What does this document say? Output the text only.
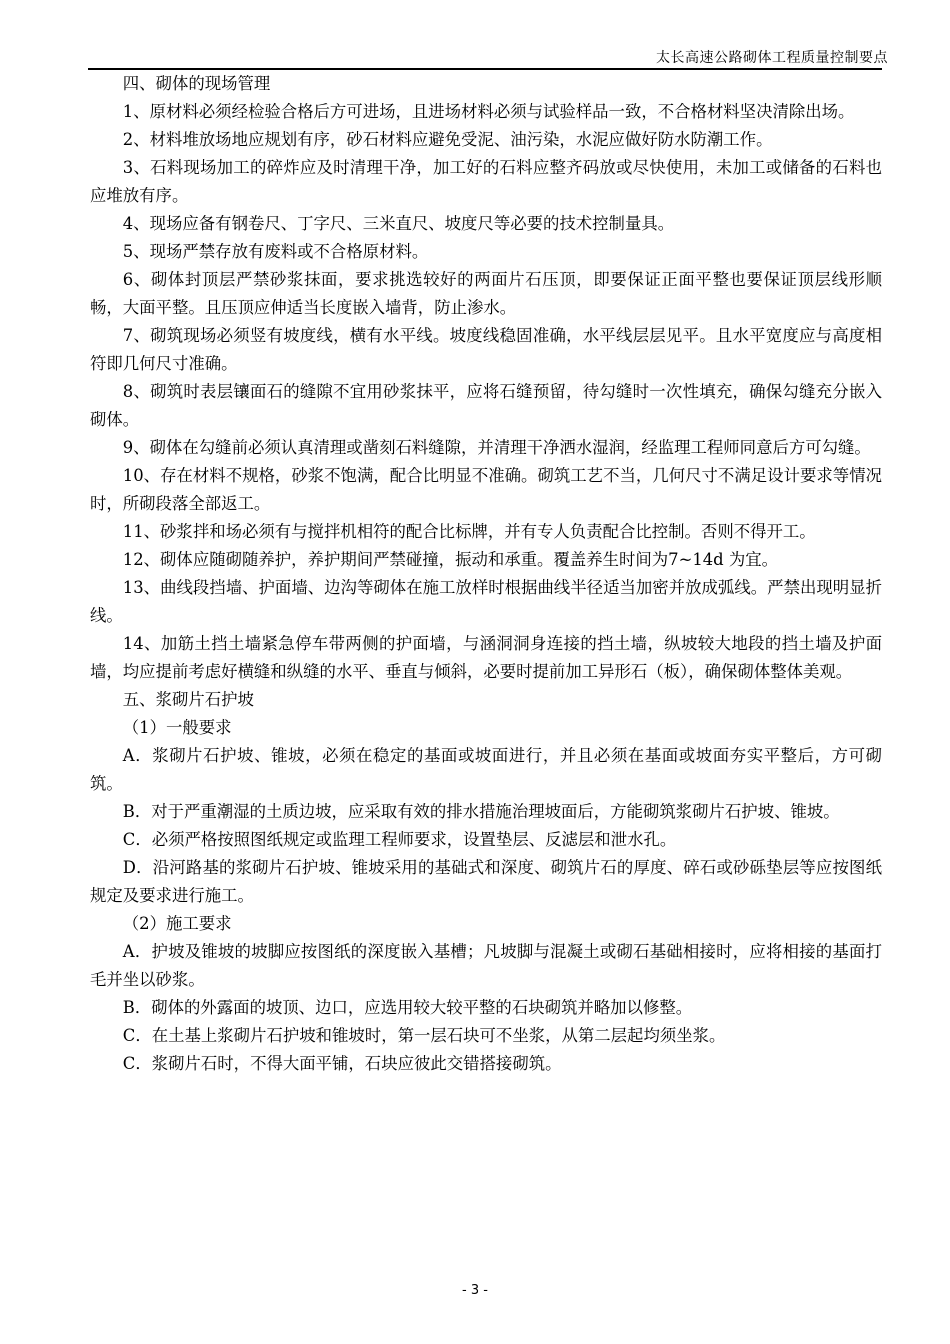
太长高速公路砌体工程质量控制要点

四、砌体的现场管理

1、原材料必须经检验合格后方可进场，且进场材料必须与试验样品一致，不合格材料坚决清除出场。

2、材料堆放场地应规划有序，砂石材料应避免受泥、油污染，水泥应做好防水防潮工作。

3、石料现场加工的碎炸应及时清理干净，加工好的石料应整齐码放或尽快使用，未加工或储备的石料也应堆放有序。

4、现场应备有钢卷尺、丁字尺、三米直尺、坡度尺等必要的技术控制量具。

5、现场严禁存放有废料或不合格原材料。

6、砌体封顶层严禁砂浆抹面，要求挑选较好的两面片石压顶，即要保证正面平整也要保证顶层线形顺畅，大面平整。且压顶应伸适当长度嵌入墙背，防止渗水。

7、砌筑现场必须竖有坡度线，横有水平线。坡度线稳固准确，水平线层层见平。且水平宽度应与高度相符即几何尺寸准确。

8、砌筑时表层镶面石的缝隙不宜用砂浆抹平，应将石缝预留，待勾缝时一次性填充，确保勾缝充分嵌入砌体。

9、砌体在勾缝前必须认真清理或凿刻石料缝隙，并清理干净洒水湿润，经监理工程师同意后方可勾缝。

10、存在材料不规格，砂浆不饱满，配合比明显不准确。砌筑工艺不当，几何尺寸不满足设计要求等情况时，所砌段落全部返工。

11、砂浆拌和场必须有与搅拌机相符的配合比标牌，并有专人负责配合比控制。否则不得开工。

12、砌体应随砌随养护，养护期间严禁碰撞，振动和承重。覆盖养生时间为7~14d 为宜。

13、曲线段挡墙、护面墙、边沟等砌体在施工放样时根据曲线半径适当加密并放成弧线。严禁出现明显折线。

14、加筋土挡土墙紧急停车带两侧的护面墙，与涵洞洞身连接的挡土墙，纵坡较大地段的挡土墙及护面墙，均应提前考虑好横缝和纵缝的水平、垂直与倾斜，必要时提前加工异形石（板），确保砌体整体美观。

五、浆砌片石护坡

（1）一般要求

A．浆砌片石护坡、锥坡，必须在稳定的基面或坡面进行，并且必须在基面或坡面夯实平整后，方可砌筑。

B．对于严重潮湿的土质边坡，应采取有效的排水措施治理坡面后，方能砌筑浆砌片石护坡、锥坡。

C．必须严格按照图纸规定或监理工程师要求，设置垫层、反滤层和泄水孔。

D．沿河路基的浆砌片石护坡、锥坡采用的基础式和深度、砌筑片石的厚度、碎石或砂砾垫层等应按图纸规定及要求进行施工。

（2）施工要求

A．护坡及锥坡的坡脚应按图纸的深度嵌入基槽；凡坡脚与混凝土或砌石基础相接时，应将相接的基面打毛并坐以砂浆。

B．砌体的外露面的坡顶、边口，应选用较大较平整的石块砌筑并略加以修整。

C．在土基上浆砌片石护坡和锥坡时，第一层石块可不坐浆，从第二层起均须坐浆。

C．浆砌片石时，不得大面平铺，石块应彼此交错搭接砌筑。

- 3 -
